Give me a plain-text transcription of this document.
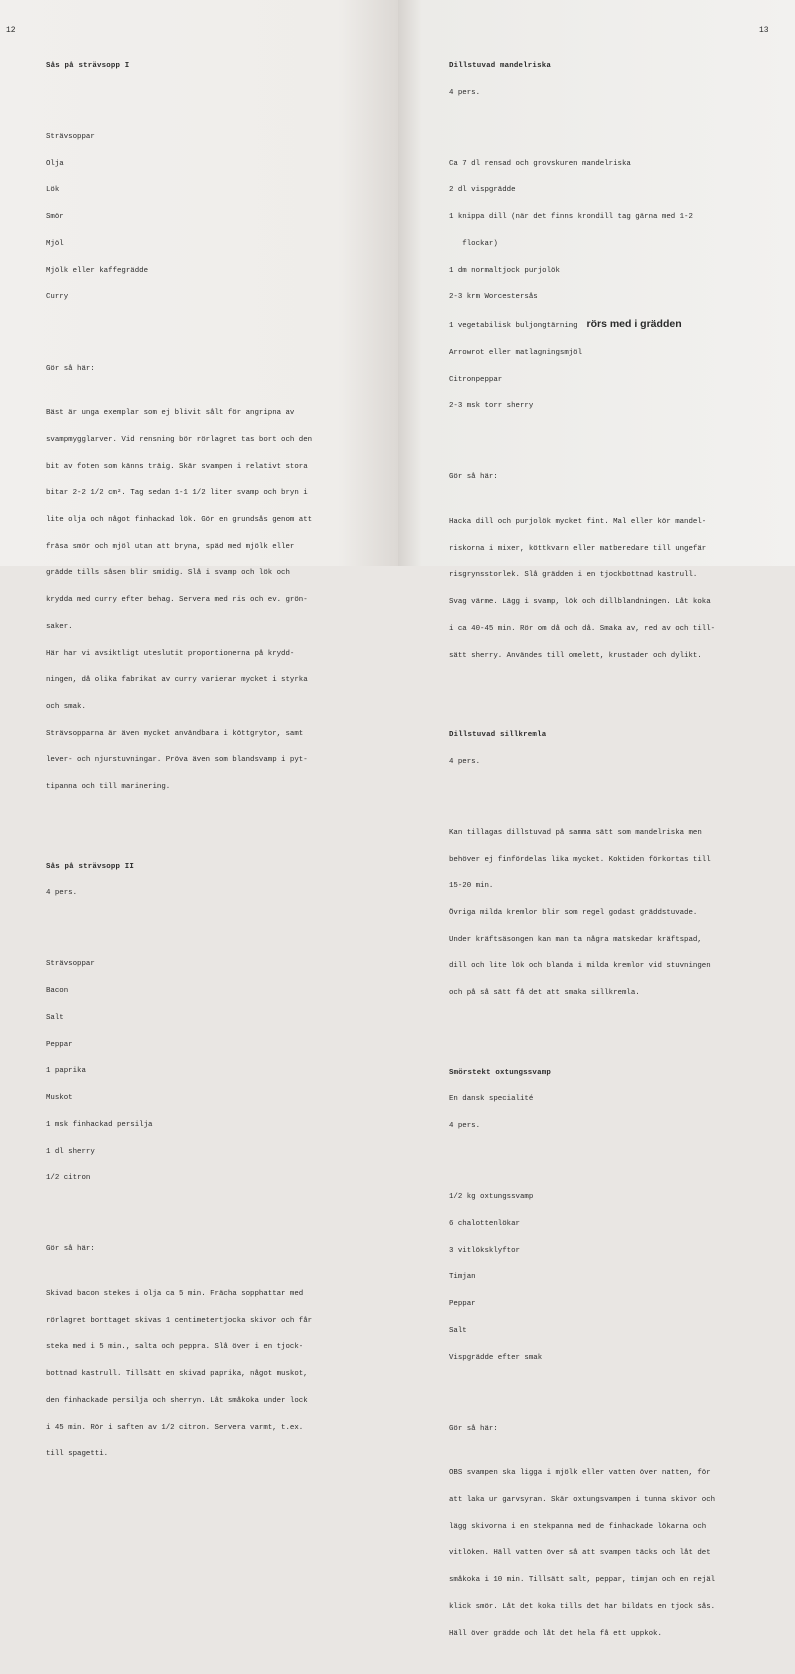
12

Sås på strävsopp I

Strävsoppar

Olja

Lök

Smör

Mjöl

Mjölk eller kaffegrädde

Curry

Gör så här:

Bäst är unga exemplar som ej blivit sålt för angripna av

svampmygglarver. Vid rensning bör rörlagret tas bort och den

bit av foten som känns träig. Skär svampen i relativt stora

bitar 2-2 1/2 cm². Tag sedan 1-1 1/2 liter svamp och bryn i

lite olja och något finhackad lök. Gör en grundsås genom att

fräsa smör och mjöl utan att bryna, späd med mjölk eller

grädde tills såsen blir smidig. Slå i svamp och lök och

krydda med curry efter behag. Servera med ris och ev. grön-

saker.

Här har vi avsiktligt uteslutit proportionerna på krydd-

ningen, då olika fabrikat av curry varierar mycket i styrka

och smak.

Strävsopparna är även mycket användbara i köttgrytor, samt

lever- och njurstuvningar. Pröva även som blandsvamp i pyt-

tipanna och till marinering.

Sås på strävsopp II

4 pers.

Strävsoppar

Bacon

Salt

Peppar

1 paprika

Muskot

1 msk finhackad persilja

1 dl sherry

1/2 citron

Gör så här:

Skivad bacon stekes i olja ca 5 min. Frächa sopphattar med

rörlagret borttaget skivas 1 centimetertjocka skivor och får

steka med i 5 min., salta och peppra. Slå över i en tjock-

bottnad kastrull. Tillsätt en skivad paprika, något muskot,

den finhackade persilja och sherryn. Låt småkoka under lock

i 45 min. Rör i saften av 1/2 citron. Servera varmt, t.ex.

till spagetti.

13

Dillstuvad mandelriska

4 pers.

Ca 7 dl rensad och grovskuren mandelriska

2 dl vispgrädde

1 knippa dill (när det finns krondill tag gärna med 1-2

flockar)

1 dm normaltjock purjolök

2-3 krm Worcestersås

1 vegetabilisk buljongtärning rörs med i grädden

Arrowrot eller matlagningsmjöl

Citronpeppar

2-3 msk torr sherry

Gör så här:

Hacka dill och purjolök mycket fint. Mal eller kör mandel-

riskorna i mixer, köttkvarn eller matberedare till ungefär

risgrynsstorlek. Slå grädden i en tjockbottnad kastrull.

Svag värme. Lägg i svamp, lök och dillblandningen. Låt koka

i ca 40-45 min. Rör om då och då. Smaka av, red av och till-

sätt sherry. Användes till omelett, krustader och dylikt.

Dillstuvad sillkremla

4 pers.

Kan tillagas dillstuvad på samma sätt som mandelriska men

behöver ej finfördelas lika mycket. Koktiden förkortas till

15-20 min.

Övriga milda kremlor blir som regel godast gräddstuvade.

Under kräftsäsongen kan man ta några matskedar kräftspad,

dill och lite lök och blanda i milda kremlor vid stuvningen

och på så sätt få det att smaka sillkremla.

Smörstekt oxtungssvamp

En dansk specialité

4 pers.

1/2 kg oxtungssvamp

6 chalottenlökar

3 vitlöksklyftor

Timjan

Peppar

Salt

Vispgrädde efter smak

Gör så här:

OBS svampen ska ligga i mjölk eller vatten över natten, för

att laka ur garvsyran. Skär oxtungsvampen i tunna skivor och

lägg skivorna i en stekpanna med de finhackade lökarna och

vitlöken. Häll vatten över så att svampen täcks och låt det

småkoka i 10 min. Tillsätt salt, peppar, timjan och en rejäl

klick smör. Låt det koka tills det har bildats en tjock sås.

Häll över grädde och låt det hela få ett uppkok.
